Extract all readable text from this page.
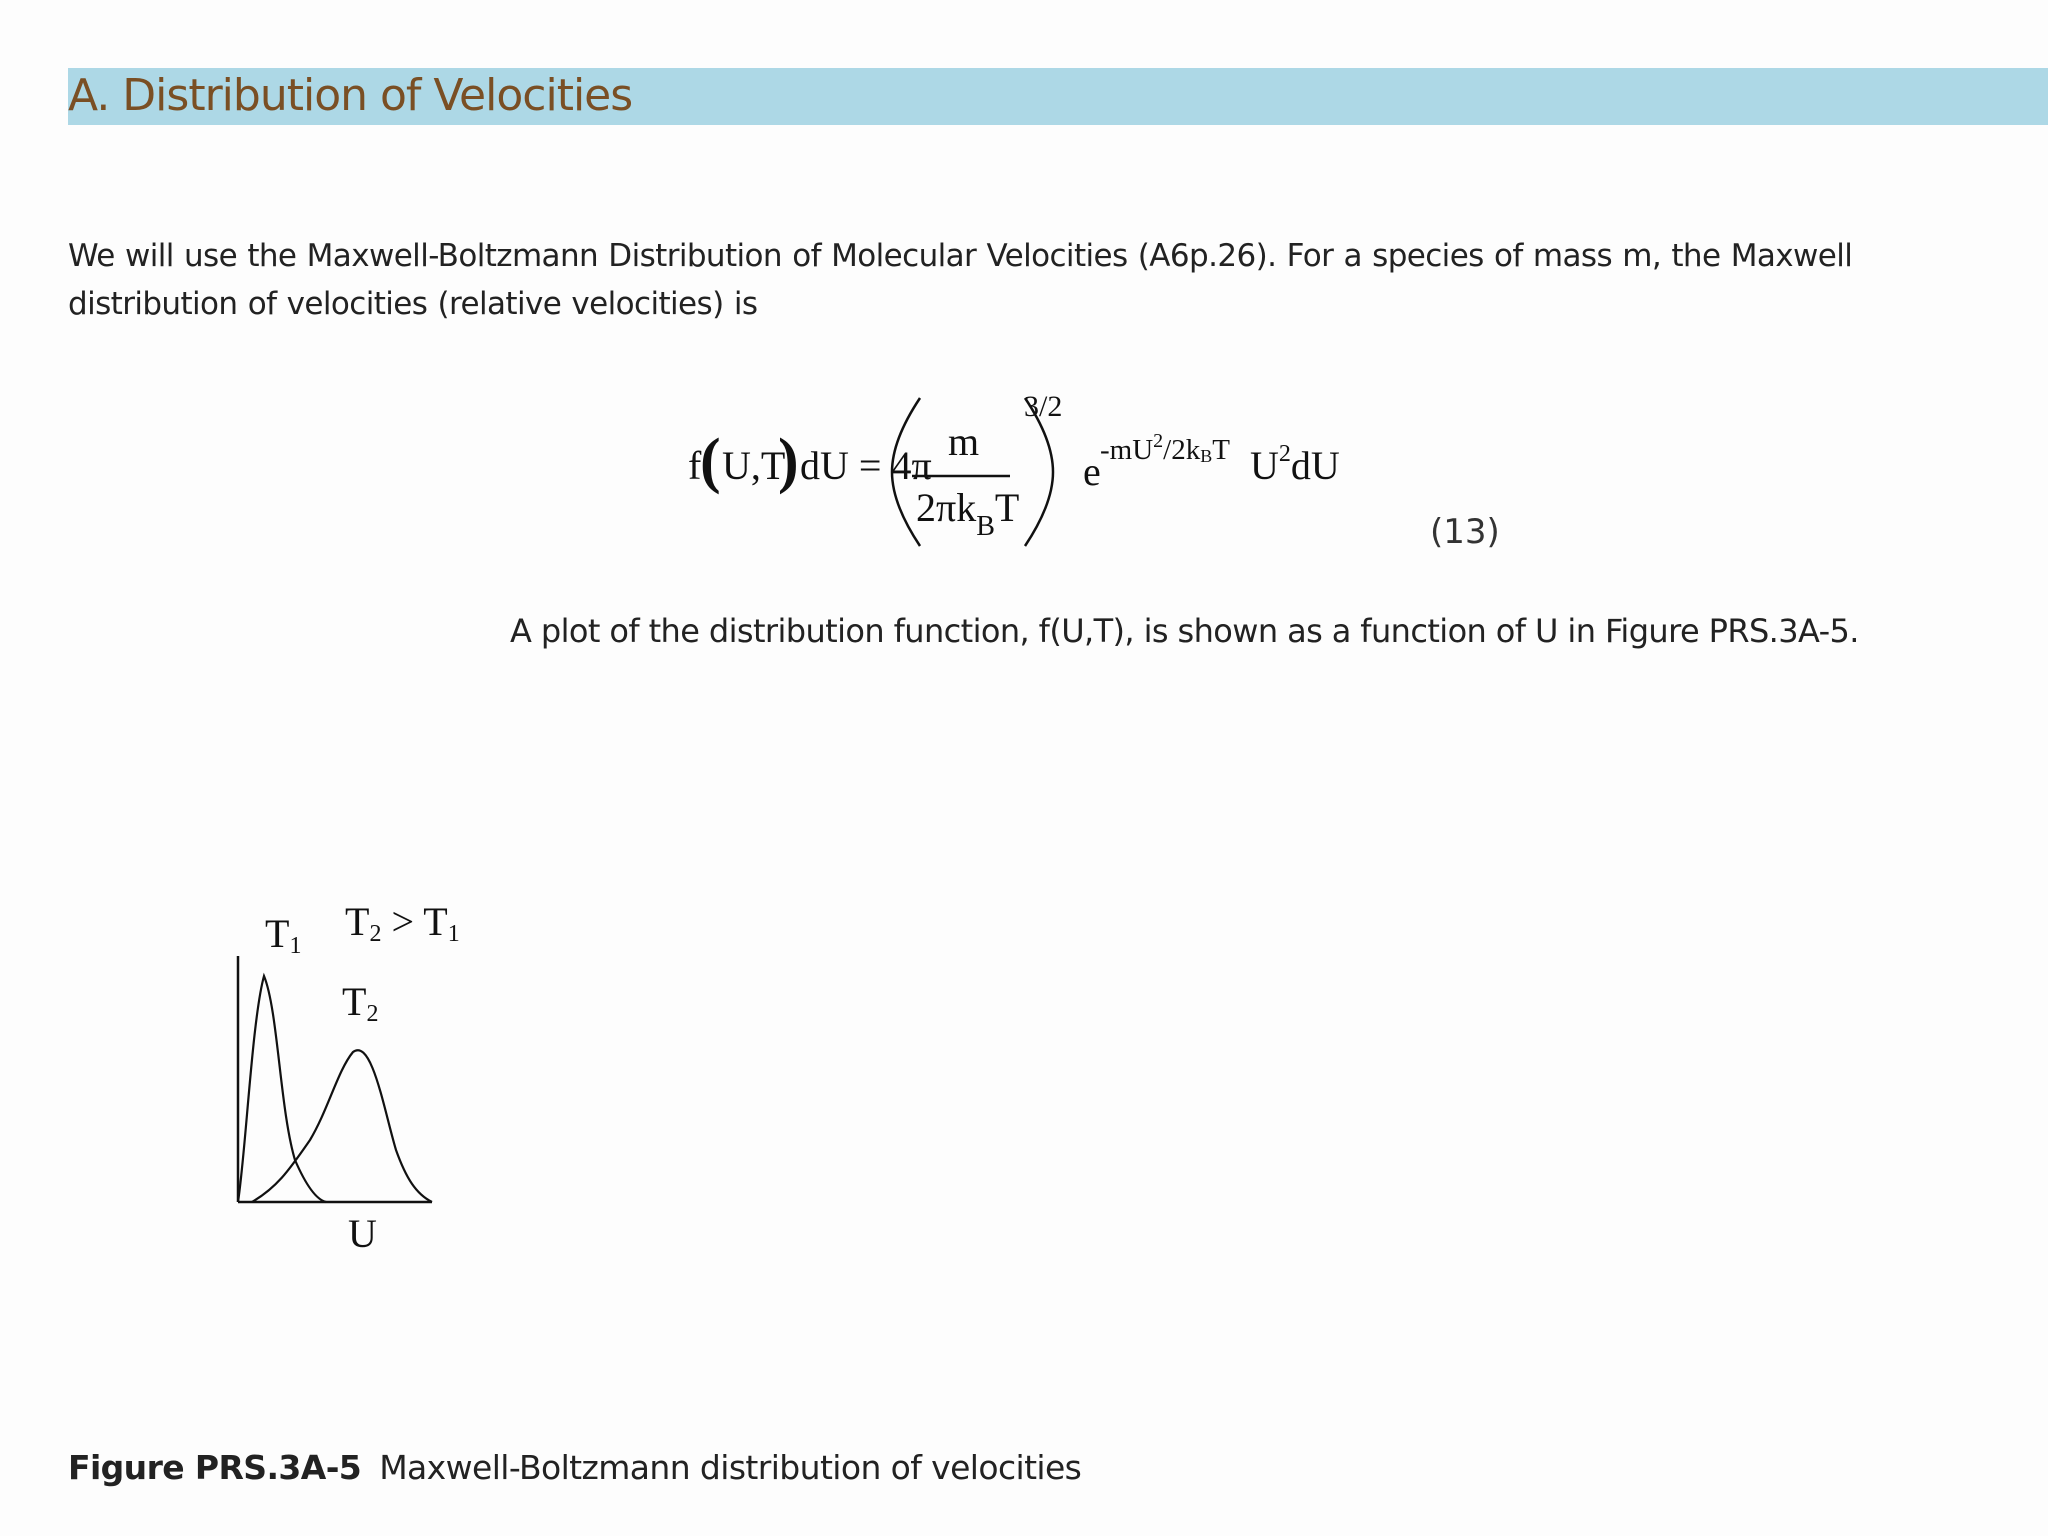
A. Distribution of Velocities
We will use the Maxwell-Boltzmann Distribution of Molecular Velocities (A6p.26). For a species of mass m, the Maxwell distribution of velocities (relative velocities) is
f
( U,T
) dU = 4π
m
$2\pi k_BT$
3/2
e $-mU^2/2kBT$ $U^2dU$
(13)
A plot of the distribution function, f(U,T), is shown as a function of U in Figure PRS.3A-5.
$T_1$
$T_2 > T_1$
$T_2$
U
Figure PRS.3A-5 Maxwell-Boltzmann distribution of velocities
